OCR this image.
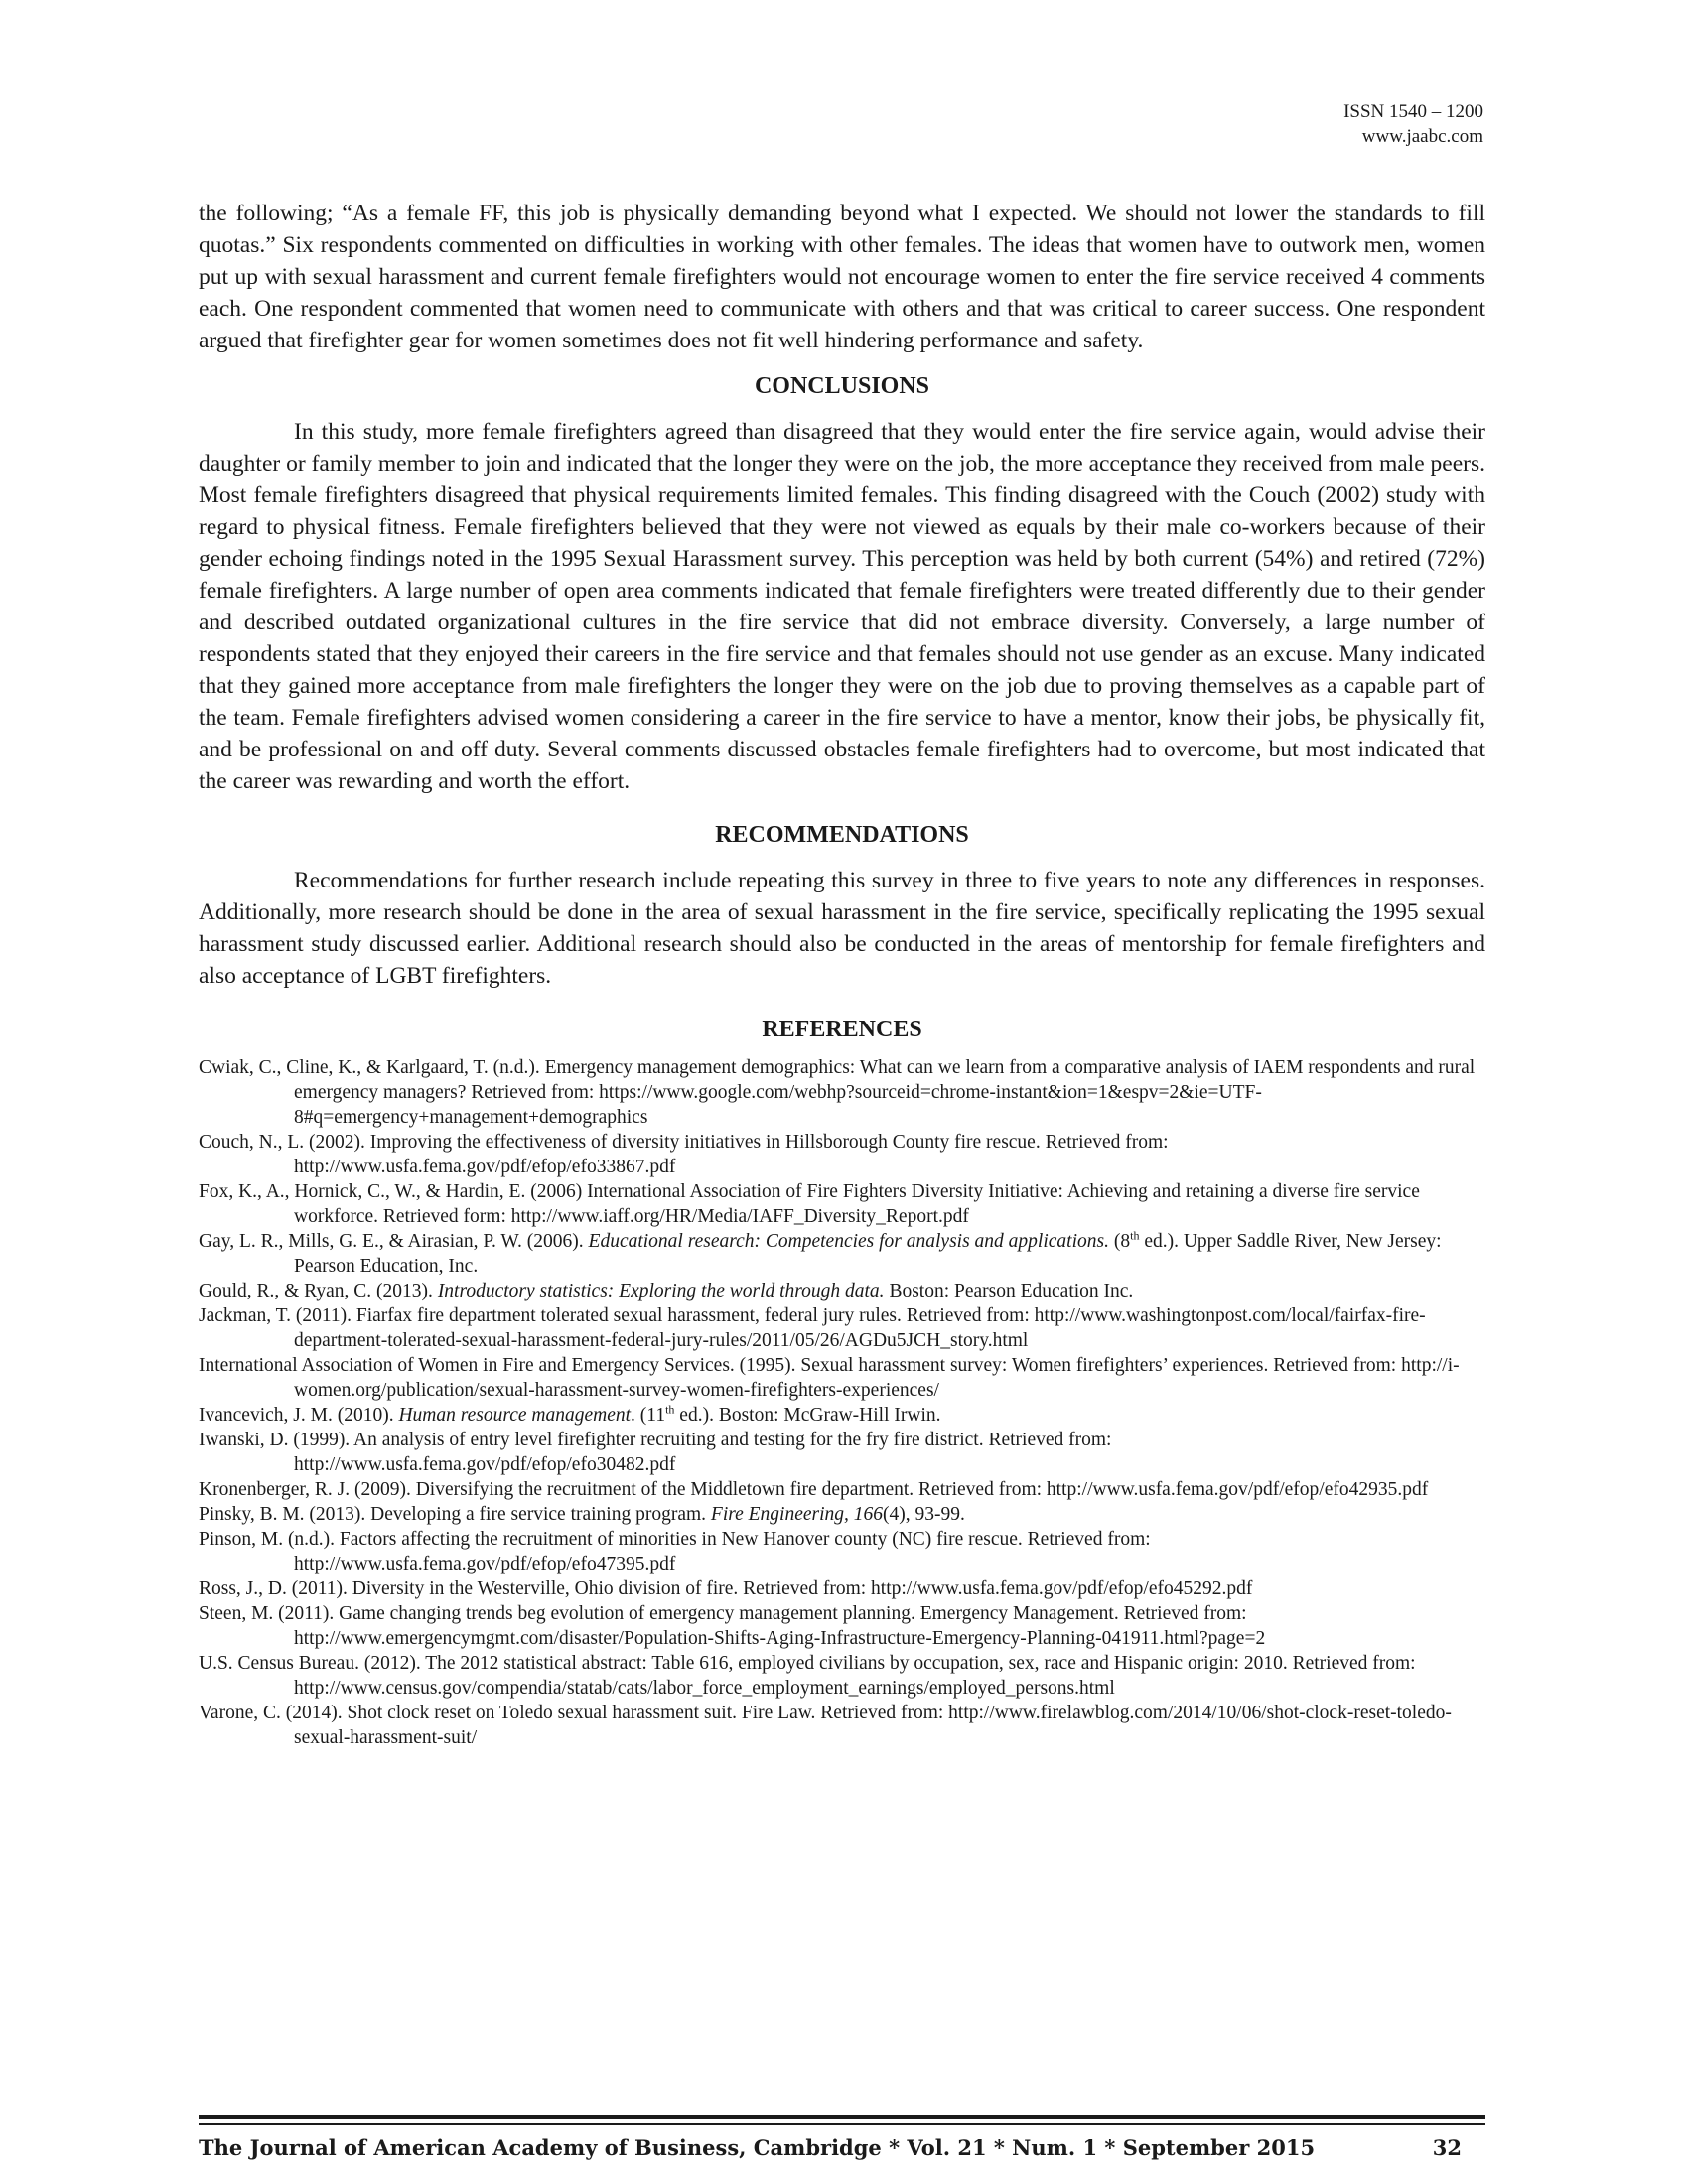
ISSN 1540 – 1200
www.jaabc.com

the following; “As a female FF, this job is physically demanding beyond what I expected. We should not lower the standards to fill quotas.” Six respondents commented on difficulties in working with other females. The ideas that women have to outwork men, women put up with sexual harassment and current female firefighters would not encourage women to enter the fire service received 4 comments each. One respondent commented that women need to communicate with others and that was critical to career success. One respondent argued that firefighter gear for women sometimes does not fit well hindering performance and safety.

CONCLUSIONS

In this study, more female firefighters agreed than disagreed that they would enter the fire service again, would advise their daughter or family member to join and indicated that the longer they were on the job, the more acceptance they received from male peers. Most female firefighters disagreed that physical requirements limited females. This finding disagreed with the Couch (2002) study with regard to physical fitness. Female firefighters believed that they were not viewed as equals by their male co-workers because of their gender echoing findings noted in the 1995 Sexual Harassment survey. This perception was held by both current (54%) and retired (72%) female firefighters. A large number of open area comments indicated that female firefighters were treated differently due to their gender and described outdated organizational cultures in the fire service that did not embrace diversity. Conversely, a large number of respondents stated that they enjoyed their careers in the fire service and that females should not use gender as an excuse. Many indicated that they gained more acceptance from male firefighters the longer they were on the job due to proving themselves as a capable part of the team. Female firefighters advised women considering a career in the fire service to have a mentor, know their jobs, be physically fit, and be professional on and off duty. Several comments discussed obstacles female firefighters had to overcome, but most indicated that the career was rewarding and worth the effort.

RECOMMENDATIONS

Recommendations for further research include repeating this survey in three to five years to note any differences in responses. Additionally, more research should be done in the area of sexual harassment in the fire service, specifically replicating the 1995 sexual harassment study discussed earlier. Additional research should also be conducted in the areas of mentorship for female firefighters and also acceptance of LGBT firefighters.

REFERENCES

Cwiak, C., Cline, K., & Karlgaard, T. (n.d.). Emergency management demographics: What can we learn from a comparative analysis of IAEM respondents and rural emergency managers? Retrieved from: https://www.google.com/webhp?sourceid=chrome-instant&ion=1&espv=2&ie=UTF-8#q=emergency+management+demographics

Couch, N., L. (2002). Improving the effectiveness of diversity initiatives in Hillsborough County fire rescue. Retrieved from: http://www.usfa.fema.gov/pdf/efop/efo33867.pdf

Fox, K., A., Hornick, C., W., & Hardin, E. (2006) International Association of Fire Fighters Diversity Initiative: Achieving and retaining a diverse fire service workforce. Retrieved form: http://www.iaff.org/HR/Media/IAFF_Diversity_Report.pdf

Gay, L. R., Mills, G. E., & Airasian, P. W. (2006). Educational research: Competencies for analysis and applications. (8th ed.). Upper Saddle River, New Jersey: Pearson Education, Inc.

Gould, R., & Ryan, C. (2013). Introductory statistics: Exploring the world through data. Boston: Pearson Education Inc.

Jackman, T. (2011). Fiarfax fire department tolerated sexual harassment, federal jury rules. Retrieved from: http://www.washingtonpost.com/local/fairfax-fire-department-tolerated-sexual-harassment-federal-jury-rules/2011/05/26/AGDu5JCH_story.html

International Association of Women in Fire and Emergency Services. (1995). Sexual harassment survey: Women firefighters’ experiences. Retrieved from: http://i-women.org/publication/sexual-harassment-survey-women-firefighters-experiences/

Ivancevich, J. M. (2010). Human resource management. (11th ed.). Boston: McGraw-Hill Irwin.

Iwanski, D. (1999). An analysis of entry level firefighter recruiting and testing for the fry fire district. Retrieved from: http://www.usfa.fema.gov/pdf/efop/efo30482.pdf

Kronenberger, R. J. (2009). Diversifying the recruitment of the Middletown fire department. Retrieved from: http://www.usfa.fema.gov/pdf/efop/efo42935.pdf

Pinsky, B. M. (2013). Developing a fire service training program. Fire Engineering, 166(4), 93-99.

Pinson, M. (n.d.). Factors affecting the recruitment of minorities in New Hanover county (NC) fire rescue. Retrieved from: http://www.usfa.fema.gov/pdf/efop/efo47395.pdf

Ross, J., D. (2011). Diversity in the Westerville, Ohio division of fire. Retrieved from: http://www.usfa.fema.gov/pdf/efop/efo45292.pdf

Steen, M. (2011). Game changing trends beg evolution of emergency management planning. Emergency Management. Retrieved from: http://www.emergencymgmt.com/disaster/Population-Shifts-Aging-Infrastructure-Emergency-Planning-041911.html?page=2

U.S. Census Bureau. (2012). The 2012 statistical abstract: Table 616, employed civilians by occupation, sex, race and Hispanic origin: 2010. Retrieved from: http://www.census.gov/compendia/statab/cats/labor_force_employment_earnings/employed_persons.html

Varone, C. (2014). Shot clock reset on Toledo sexual harassment suit. Fire Law. Retrieved from: http://www.firelawblog.com/2014/10/06/shot-clock-reset-toledo-sexual-harassment-suit/

The Journal of American Academy of Business, Cambridge * Vol. 21 * Num. 1 * September 2015	32
